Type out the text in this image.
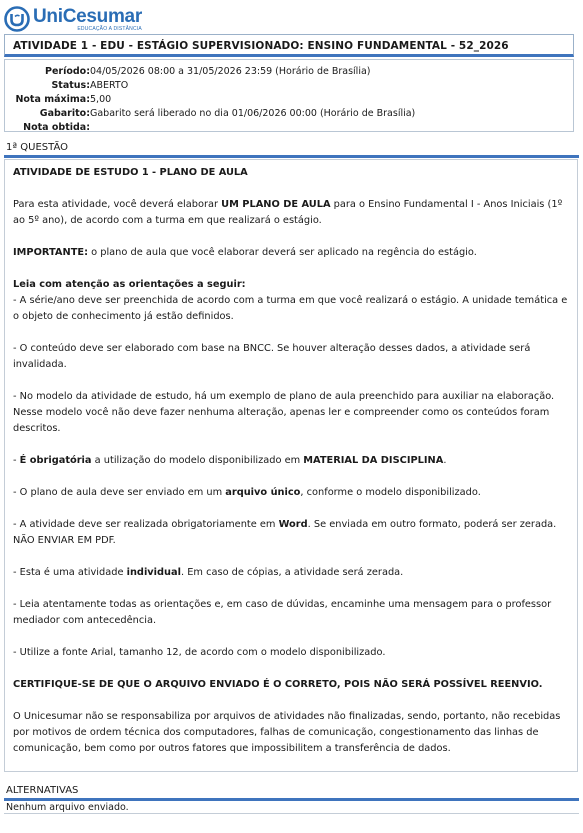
UniCesumar
EDUCAÇÃO A DISTÂNCIA
ATIVIDADE 1 - EDU - ESTÁGIO SUPERVISIONADO: ENSINO FUNDAMENTAL - 52_2026
Período: 04/05/2026 08:00 a 31/05/2026 23:59 (Horário de Brasília)
Status: ABERTO
Nota máxima: 5,00
Gabarito: Gabarito será liberado no dia 01/06/2026 00:00 (Horário de Brasília)
Nota obtida:
1ª QUESTÃO

ATIVIDADE DE ESTUDO 1 - PLANO DE AULA

Para esta atividade, você deverá elaborar UM PLANO DE AULA para o Ensino Fundamental I - Anos Iniciais (1º ao 5º ano), de acordo com a turma em que realizará o estágio.

IMPORTANTE: o plano de aula que você elaborar deverá ser aplicado na regência do estágio.

Leia com atenção as orientações a seguir:
- A série/ano deve ser preenchida de acordo com a turma em que você realizará o estágio. A unidade temática e o objeto de conhecimento já estão definidos.

- O conteúdo deve ser elaborado com base na BNCC. Se houver alteração desses dados, a atividade será invalidada.

- No modelo da atividade de estudo, há um exemplo de plano de aula preenchido para auxiliar na elaboração. Nesse modelo você não deve fazer nenhuma alteração, apenas ler e compreender como os conteúdos foram descritos.

- É obrigatória a utilização do modelo disponibilizado em MATERIAL DA DISCIPLINA.

- O plano de aula deve ser enviado em um arquivo único, conforme o modelo disponibilizado.

- A atividade deve ser realizada obrigatoriamente em Word. Se enviada em outro formato, poderá ser zerada. NÃO ENVIAR EM PDF.

- Esta é uma atividade individual. Em caso de cópias, a atividade será zerada.

- Leia atentamente todas as orientações e, em caso de dúvidas, encaminhe uma mensagem para o professor mediador com antecedência.

- Utilize a fonte Arial, tamanho 12, de acordo com o modelo disponibilizado.

CERTIFIQUE-SE DE QUE O ARQUIVO ENVIADO É O CORRETO, POIS NÃO SERÁ POSSÍVEL REENVIO.

O Unicesumar não se responsabiliza por arquivos de atividades não finalizadas, sendo, portanto, não recebidas por motivos de ordem técnica dos computadores, falhas de comunicação, congestionamento das linhas de comunicação, bem como por outros fatores que impossibilitem a transferência de dados.

ALTERNATIVAS
Nenhum arquivo enviado.
